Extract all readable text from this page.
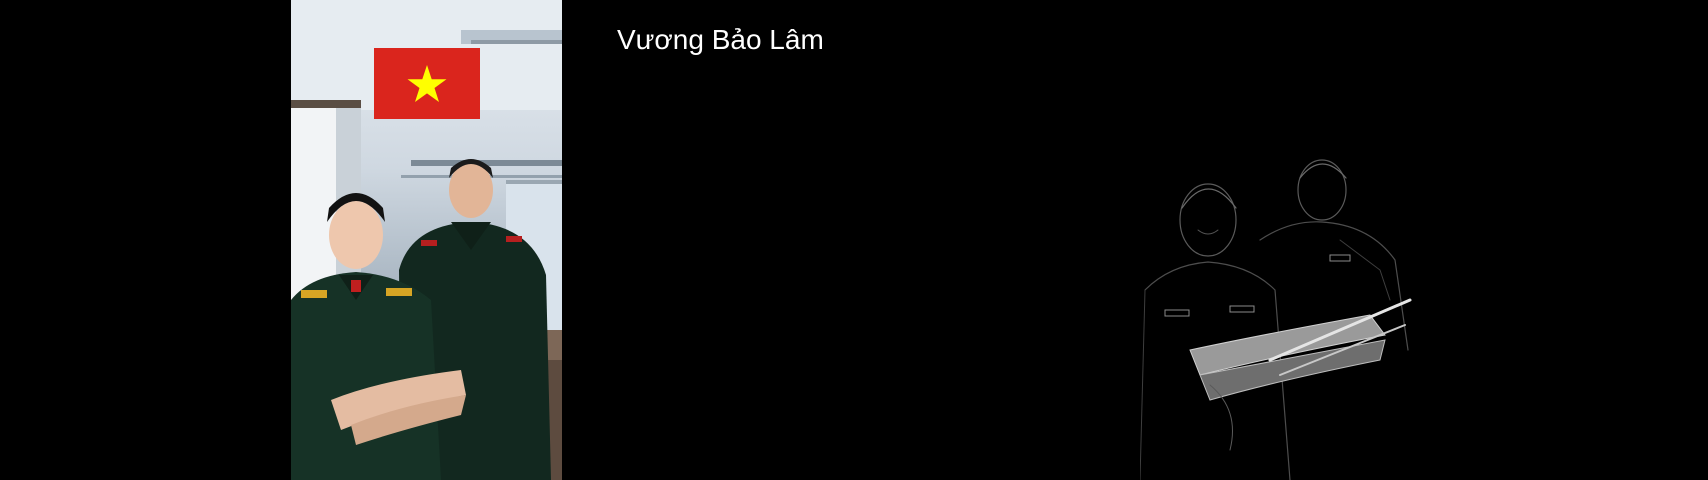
Vương Bảo Lâm
